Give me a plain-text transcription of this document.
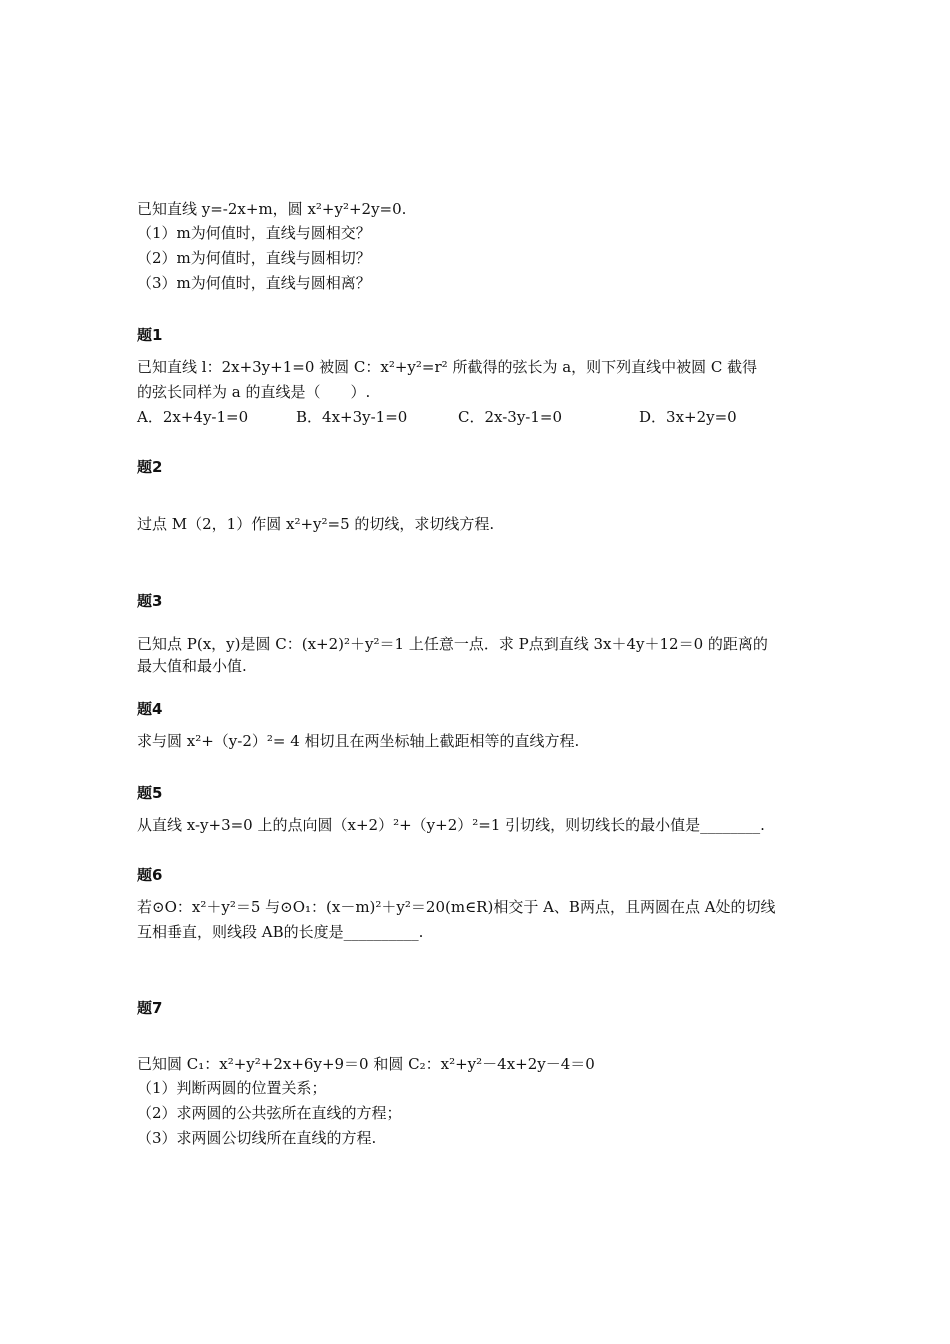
已知直线 y=-2x+m，圆 x²+y²+2y=0.
（1）m为何值时，直线与圆相交？
（2）m为何值时，直线与圆相切？
（3）m为何值时，直线与圆相离？
题1
已知直线 l：2x+3y+1=0 被圆 C：x²+y²=r² 所截得的弦长为 a，则下列直线中被圆 C 截得
的弦长同样为 a 的直线是（　　）.
A．2x+4y-1=0	B．4x+3y-1=0	C．2x-3y-1=0	D．3x+2y=0
题2
过点 M（2，1）作圆 x²+y²=5 的切线，求切线方程.
题3
已知点 P(x，y)是圆 C：(x+2)²＋y²＝1 上任意一点．求 P点到直线 3x＋4y＋12＝0 的距离的
最大值和最小值.
题4
求与圆 x²+（y-2）²= 4 相切且在两坐标轴上截距相等的直线方程.
题5
从直线 x-y+3=0 上的点向圆（x+2）²+（y+2）²=1 引切线，则切线长的最小值是________.
题6
若⊙O：x²＋y²＝5 与⊙O₁：(x－m)²＋y²＝20(m∈R)相交于 A、B两点，且两圆在点 A处的切线
互相垂直，则线段 AB的长度是__________.
题7
已知圆 C₁：x²+y²+2x+6y+9＝0 和圆 C₂：x²+y²－4x+2y－4＝0
（1）判断两圆的位置关系；
（2）求两圆的公共弦所在直线的方程；
（3）求两圆公切线所在直线的方程.
